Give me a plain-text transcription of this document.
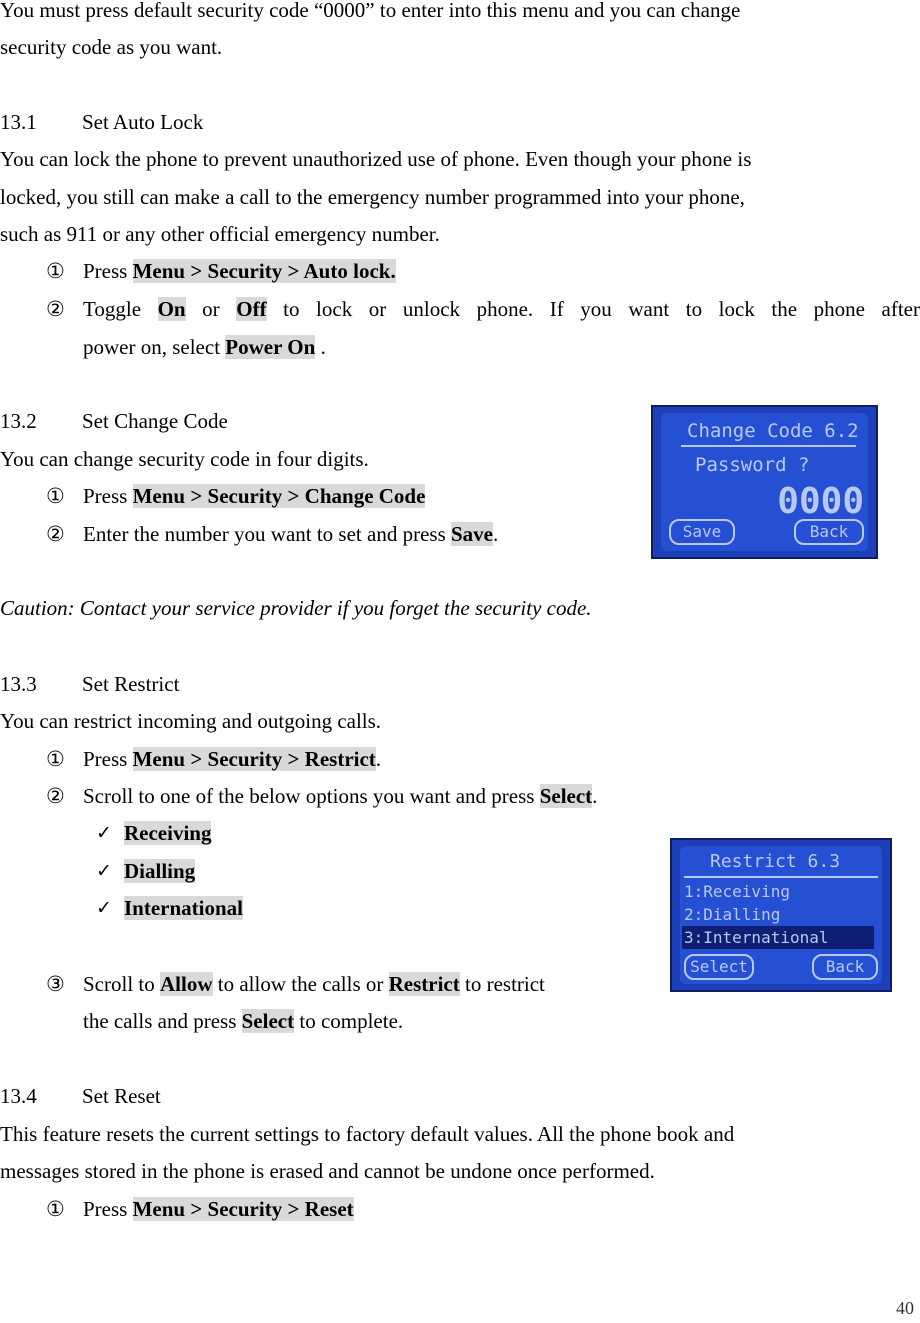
You must press default security code “0000” to enter into this menu and you can change
security code as you want.
13.1 Set Auto Lock
You can lock the phone to prevent unauthorized use of phone. Even though your phone is
locked, you still can make a call to the emergency number programmed into your phone,
such as 911 or any other official emergency number.
① Press Menu > Security > Auto lock.
② Toggle On or Off to lock or unlock phone. If you want to lock the phone after
power on, select Power On .
13.2 Set Change Code
You can change security code in four digits.
① Press Menu > Security > Change Code
② Enter the number you want to set and press Save.
Change Code 6.2
Password ?
0000
Save	Back
Caution: Contact your service provider if you forget the security code.
13.3 Set Restrict
You can restrict incoming and outgoing calls.
① Press Menu > Security > Restrict.
② Scroll to one of the below options you want and press Select.
✓ Receiving
✓ Dialling
✓ International
③ Scroll to Allow to allow the calls or Restrict to restrict
the calls and press Select to complete.
Restrict 6.3
1:Receiving
2:Dialling
3:International
Select	Back
13.4 Set Reset
This feature resets the current settings to factory default values. All the phone book and
messages stored in the phone is erased and cannot be undone once performed.
① Press Menu > Security > Reset
40
